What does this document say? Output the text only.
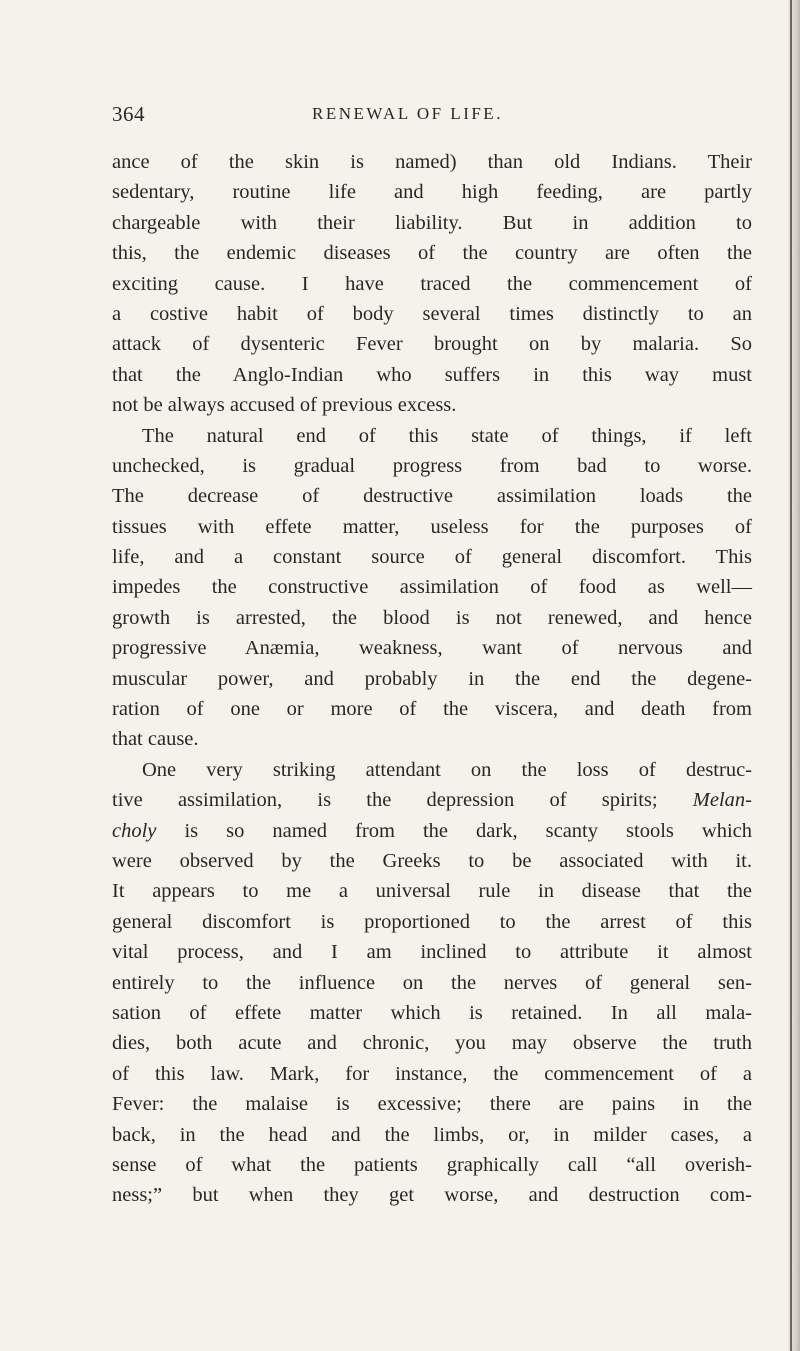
364	RENEWAL OF LIFE.
ance of the skin is named) than old Indians. Their
sedentary, routine life and high feeding, are partly
chargeable with their liability. But in addition to
this, the endemic diseases of the country are often the
exciting cause. I have traced the commencement of
a costive habit of body several times distinctly to an
attack of dysenteric Fever brought on by malaria. So
that the Anglo-Indian who suffers in this way must
not be always accused of previous excess.
The natural end of this state of things, if left
unchecked, is gradual progress from bad to worse.
The decrease of destructive assimilation loads the
tissues with effete matter, useless for the purposes of
life, and a constant source of general discomfort. This
impedes the constructive assimilation of food as well—
growth is arrested, the blood is not renewed, and hence
progressive Anæmia, weakness, want of nervous and
muscular power, and probably in the end the degene-
ration of one or more of the viscera, and death from
that cause.
One very striking attendant on the loss of destruc-
tive assimilation, is the depression of spirits; Melan-
choly is so named from the dark, scanty stools which
were observed by the Greeks to be associated with it.
It appears to me a universal rule in disease that the
general discomfort is proportioned to the arrest of this
vital process, and I am inclined to attribute it almost
entirely to the influence on the nerves of general sen-
sation of effete matter which is retained. In all mala-
dies, both acute and chronic, you may observe the truth
of this law. Mark, for instance, the commencement of a
Fever: the malaise is excessive; there are pains in the
back, in the head and the limbs, or, in milder cases, a
sense of what the patients graphically call “all overish-
ness;” but when they get worse, and destruction com-
